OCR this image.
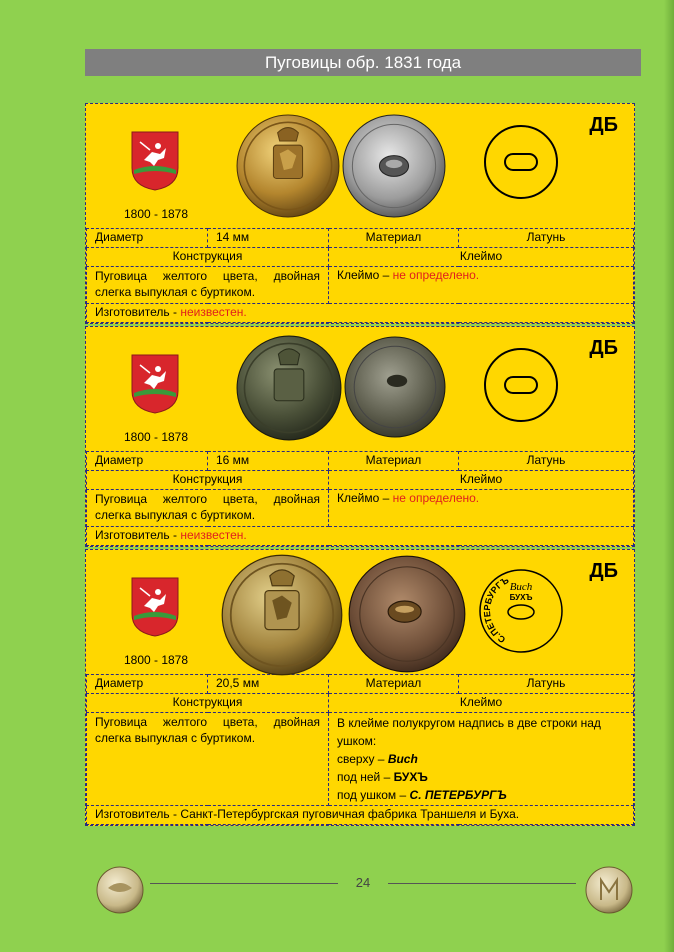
Пуговицы обр. 1831 года
1800 - 1878
ДБ
Диаметр	14 мм	Материал	Латунь
Конструкция		Клеймо	
Пуговица желтого цвета, двойная слегка выпуклая с буртиком.		Клеймо – не определено.	
Изготовитель - неизвестен.			
1800 - 1878
ДБ
Диаметр	16 мм	Материал	Латунь
Конструкция		Клеймо	
Пуговица желтого цвета, двойная слегка выпуклая с буртиком.		Клеймо – не определено.	
Изготовитель - неизвестен.			
1800 - 1878
С.ПЕТЕРБУРГЪ Buch
БУХЪ
ДБ
Диаметр	20,5 мм	Материал	Латунь
Конструкция		Клеймо	
Пуговица желтого цвета, двойная слегка выпуклая с буртиком.		В клейме полукругом надпись в две строки над ушком:
сверху – Buch
под ней – БУХЪ
под ушком – С. ПЕТЕРБУРГЪ	

Изготовитель - Санкт-Петербургская пуговичная фабрика Траншеля и Буха.			
24
